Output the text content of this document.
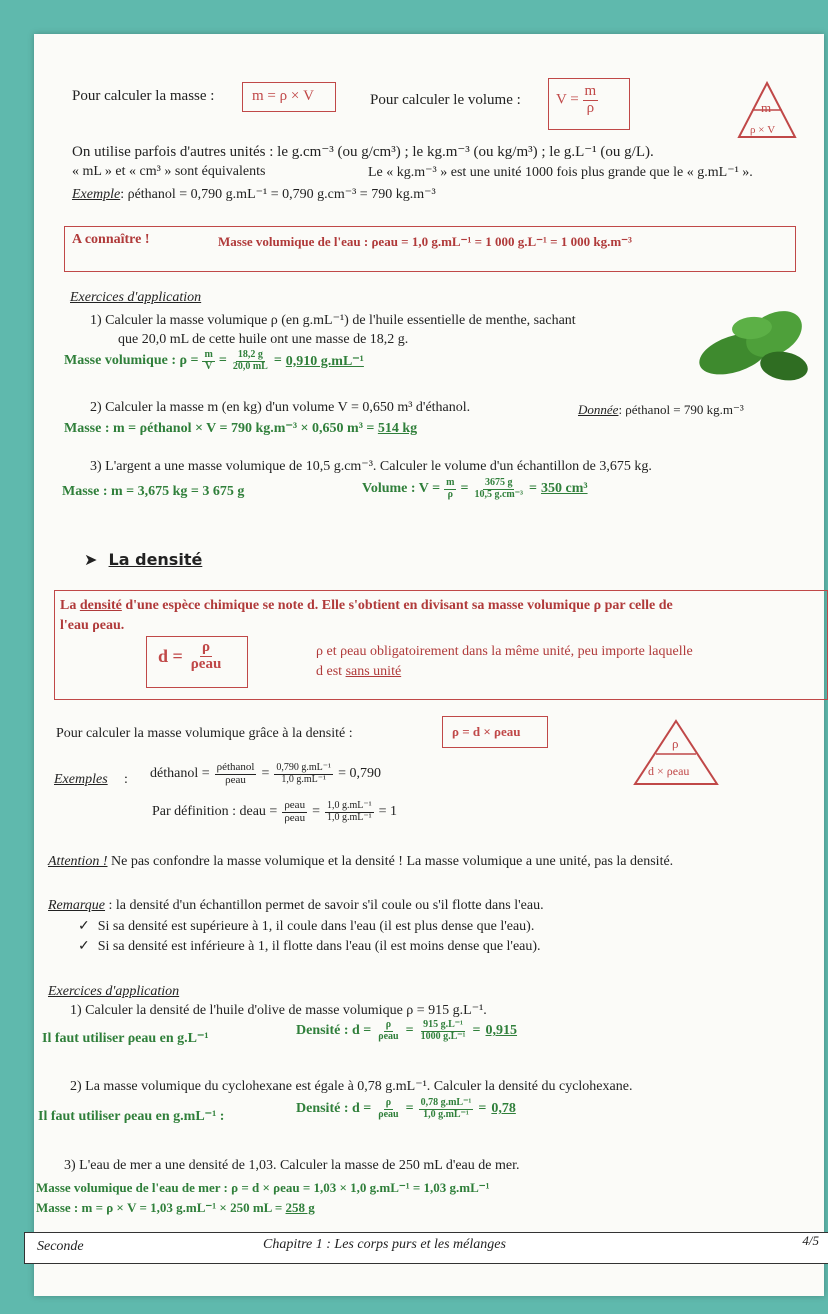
Pour calculer la masse :	m = ρ × V	Pour calculer le volume : $V = \frac{m}{\rho}$	m
ρ × V
On utilise parfois d'autres unités : le g.cm⁻³ (ou g/cm³) ; le kg.m⁻³ (ou kg/m³) ; le g.L⁻¹ (ou g/L).
« mL » et « cm³ » sont équivalents	Le « kg.m⁻³ » est une unité 1000 fois plus grande que le « g.mL⁻¹ ».
Exemple: ρéthanol = 0,790 g.mL⁻¹ = 0,790 g.cm⁻³ = 790 kg.m⁻³
A connaître !	Masse volumique de l'eau : ρeau = 1,0 g.mL⁻¹ = 1 000 g.L⁻¹ = 1 000 kg.m⁻³
Exercices d'application
1) Calculer la masse volumique ρ (en g.mL⁻¹) de l'huile essentielle de menthe, sachant
que 20,0 mL de cette huile ont une masse de 18,2 g.
Masse volumique : $\rho = \frac{m}{V} = \frac{18,2 g}{20,0 mL} = 0,910$ g.mL⁻¹
2) Calculer la masse m (en kg) d'un volume V = 0,650 m³ d'éthanol.	Donnée: ρéthanol = 790 kg.m⁻³
Masse : m = ρéthanol × V = 790 kg.m⁻³ × 0,650 m³ = 514 kg
3) L'argent a une masse volumique de 10,5 g.cm⁻³. Calculer le volume d'un échantillon de 3,675 kg.
Masse : m = 3,675 kg = 3 675 g	Volume : $V = \frac{m}{\rho} = \frac{3675 g}{\text{10,5 g.cm⁻³}} = 350$ cm³
➤  La densité
La densité d'une espèce chimique se note d. Elle s'obtient en divisant sa masse volumique ρ par celle de
l'eau ρeau.
$d = \frac{\rho}{\text{ρeau}}$	ρ et ρeau obligatoirement dans la même unité, peu importe laquelle
d est sans unité
Pour calculer la masse volumique grâce à la densité :	ρ = d × ρeau
ρ
d × ρeau
Exemples : déthanol = $\frac{\text{ρéthanol}}{\text{ρeau}} = \frac{\text{0,790 g.mL⁻¹}}{\text{1,0 g.mL⁻¹}} = 0,790$
Par définition : deau = $\frac{\text{ρeau}}{\text{ρeau}} = \frac{\text{1,0 g.mL⁻¹}}{\text{1,0 g.mL⁻¹}} = 1$
Attention ! Ne pas confondre la masse volumique et la densité ! La masse volumique a une unité, pas la densité.
Remarque : la densité d'un échantillon permet de savoir s'il coule ou s'il flotte dans l'eau.
✓ Si sa densité est supérieure à 1, il coule dans l'eau (il est plus dense que l'eau).
✓ Si sa densité est inférieure à 1, il flotte dans l'eau (il est moins dense que l'eau).
Exercices d'application
1) Calculer la densité de l'huile d'olive de masse volumique ρ = 915 g.L⁻¹.
Il faut utiliser ρeau en g.L⁻¹
Densité : $d = \frac{\rho}{\text{ρeau}} = \frac{\text{915 g.L⁻¹}}{\text{1000 g.L⁻¹}} = 0,915$
2) La masse volumique du cyclohexane est égale à 0,78 g.mL⁻¹. Calculer la densité du cyclohexane.
Il faut utiliser ρeau en g.mL⁻¹ :
Densité : $d = \frac{\rho}{\text{ρeau}} = \frac{\text{0,78 g.mL⁻¹}}{\text{1,0 g.mL⁻¹}} = 0,78$
3) L'eau de mer a une densité de 1,03. Calculer la masse de 250 mL d'eau de mer.
Masse volumique de l'eau de mer : ρ = d × ρeau = 1,03 × 1,0 g.mL⁻¹ = 1,03 g.mL⁻¹
Masse : m = ρ × V = 1,03 g.mL⁻¹ × 250 mL = 258 g
Seconde	Chapitre 1 : Les corps purs et les mélanges	4/5
